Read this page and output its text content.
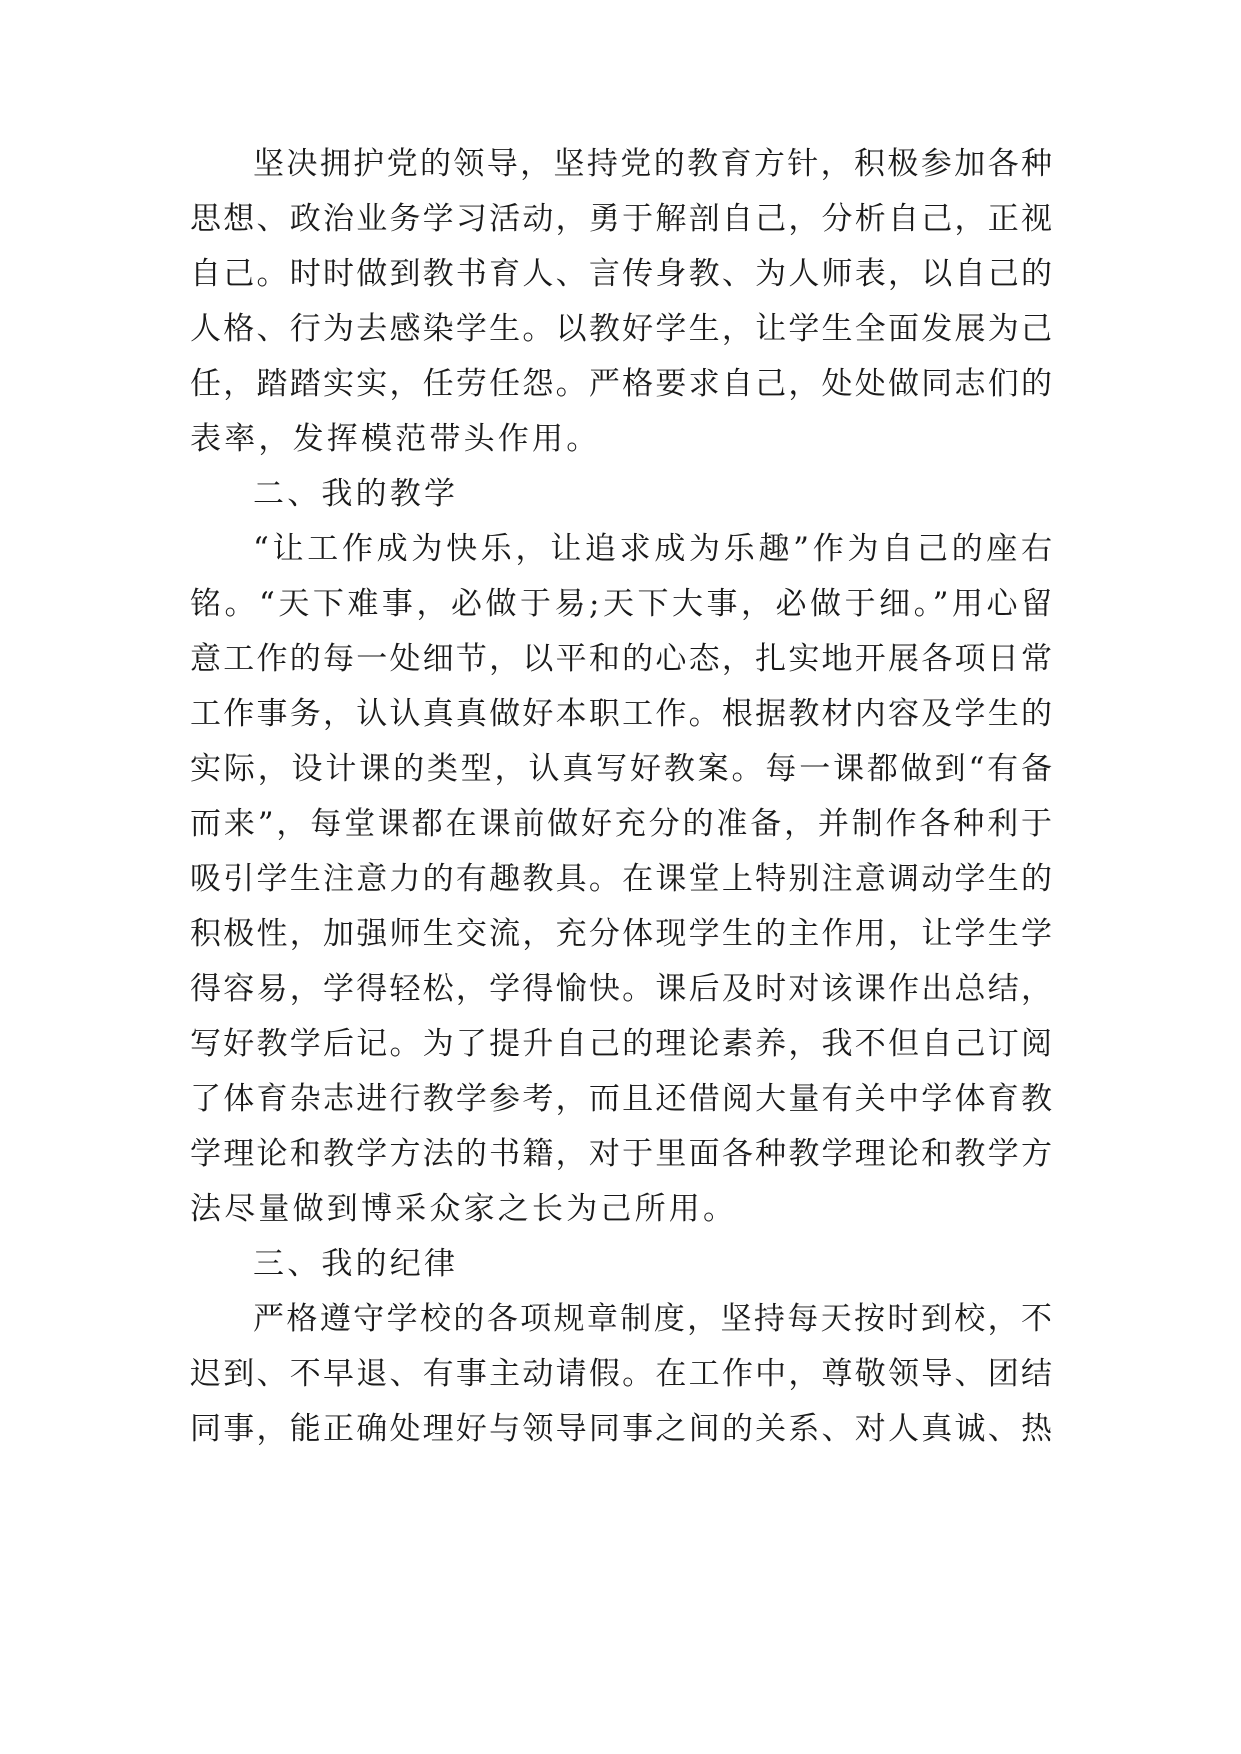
坚决拥护党的领导，坚持党的教育方针，积极参加各种
思想、政治业务学习活动，勇于解剖自己，分析自己，正视
自己。时时做到教书育人、言传身教、为人师表，以自己的
人格、行为去感染学生。以教好学生，让学生全面发展为己
任，踏踏实实，任劳任怨。严格要求自己，处处做同志们的
表率，发挥模范带头作用。
二、我的教学
“让工作成为快乐，让追求成为乐趣”作为自己的座右
铭。“天下难事，必做于易;天下大事，必做于细。”用心留
意工作的每一处细节，以平和的心态，扎实地开展各项日常
工作事务，认认真真做好本职工作。根据教材内容及学生的
实际，设计课的类型，认真写好教案。每一课都做到“有备
而来”，每堂课都在课前做好充分的准备，并制作各种利于
吸引学生注意力的有趣教具。在课堂上特别注意调动学生的
积极性，加强师生交流，充分体现学生的主作用，让学生学
得容易，学得轻松，学得愉快。课后及时对该课作出总结，
写好教学后记。为了提升自己的理论素养，我不但自己订阅
了体育杂志进行教学参考，而且还借阅大量有关中学体育教
学理论和教学方法的书籍，对于里面各种教学理论和教学方
法尽量做到博采众家之长为己所用。
三、我的纪律
严格遵守学校的各项规章制度，坚持每天按时到校，不
迟到、不早退、有事主动请假。在工作中，尊敬领导、团结
同事，能正确处理好与领导同事之间的关系、对人真诚、热
